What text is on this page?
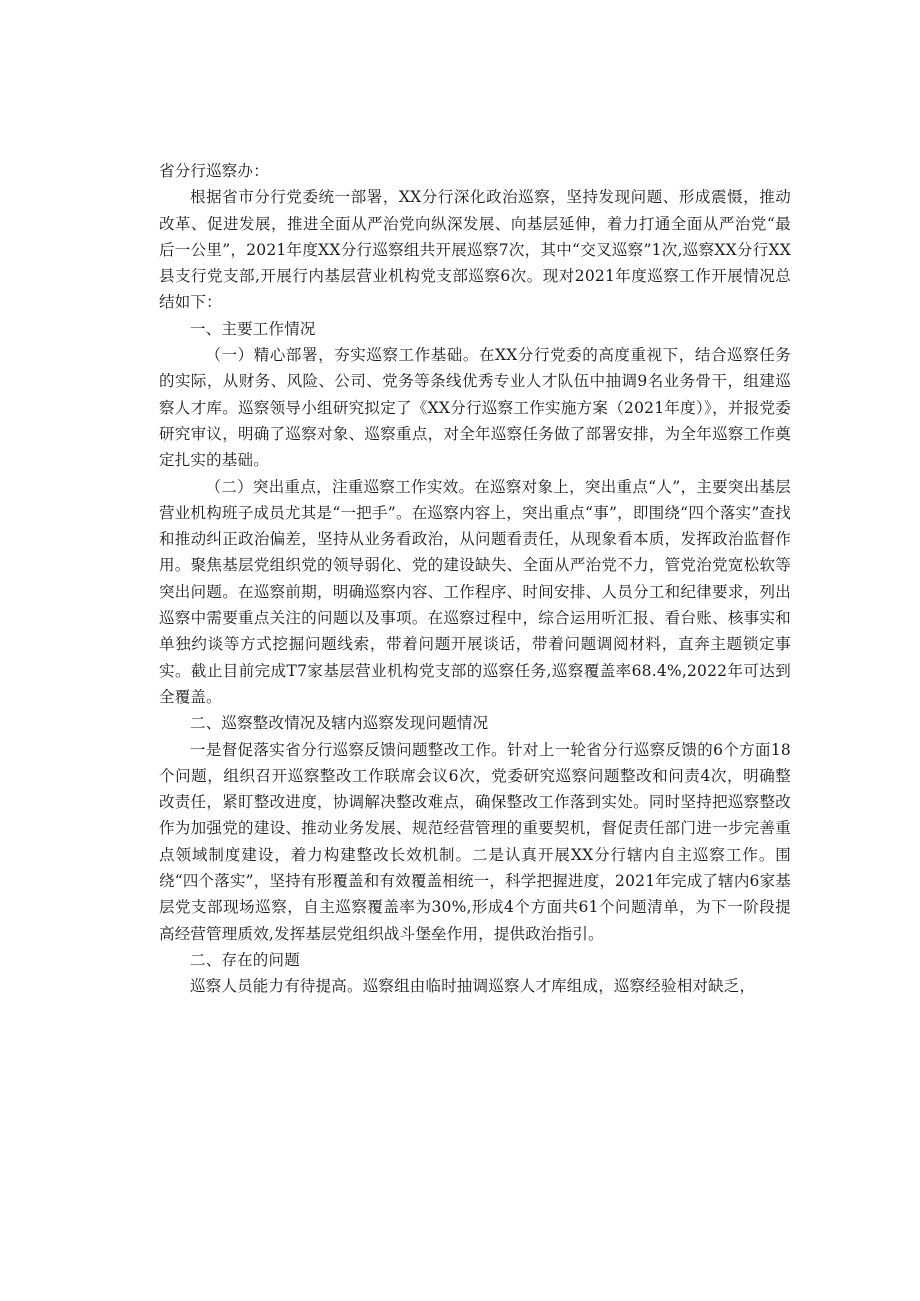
省分行巡察办：

根据省市分行党委统一部署，XX分行深化政治巡察，坚持发现问题、形成震慑，推动改革、促进发展，推进全面从严治党向纵深发展、向基层延伸，着力打通全面从严治党“最后一公里”，2021年度XX分行巡察组共开展巡察7次，其中“交叉巡察”1次,巡察XX分行XX县支行党支部,开展行内基层营业机构党支部巡察6次。现对2021年度巡察工作开展情况总结如下：

一、主要工作情况

（一）精心部署，夯实巡察工作基础。在XX分行党委的高度重视下，结合巡察任务的实际，从财务、风险、公司、党务等条线优秀专业人才队伍中抽调9名业务骨干，组建巡察人才库。巡察领导小组研究拟定了《XX分行巡察工作实施方案（2021年度）》，并报党委研究审议，明确了巡察对象、巡察重点，对全年巡察任务做了部署安排，为全年巡察工作奠定扎实的基础。

（二）突出重点，注重巡察工作实效。在巡察对象上，突出重点“人”，主要突出基层营业机构班子成员尤其是“一把手”。在巡察内容上，突出重点“事”，即围绕“四个落实”查找和推动纠正政治偏差，坚持从业务看政治，从问题看责任，从现象看本质，发挥政治监督作用。聚焦基层党组织党的领导弱化、党的建设缺失、全面从严治党不力，管党治党宽松软等突出问题。在巡察前期，明确巡察内容、工作程序、时间安排、人员分工和纪律要求，列出巡察中需要重点关注的问题以及事项。在巡察过程中，综合运用听汇报、看台账、核事实和单独约谈等方式挖掘问题线索，带着问题开展谈话，带着问题调阅材料，直奔主题锁定事实。截止目前完成T7家基层营业机构党支部的巡察任务,巡察覆盖率68.4%,2022年可达到全覆盖。

二、巡察整改情况及辖内巡察发现问题情况

一是督促落实省分行巡察反馈问题整改工作。针对上一轮省分行巡察反馈的6个方面18个问题，组织召开巡察整改工作联席会议6次，党委研究巡察问题整改和问责4次，明确整改责任，紧盯整改进度，协调解决整改难点，确保整改工作落到实处。同时坚持把巡察整改作为加强党的建设、推动业务发展、规范经营管理的重要契机，督促责任部门进一步完善重点领域制度建设，着力构建整改长效机制。二是认真开展XX分行辖内自主巡察工作。围绕“四个落实”，坚持有形覆盖和有效覆盖相统一，科学把握进度，2021年完成了辖内6家基层党支部现场巡察，自主巡察覆盖率为30%,形成4个方面共61个问题清单，为下一阶段提高经营管理质效,发挥基层党组织战斗堡垒作用，提供政治指引。

二、存在的问题

巡察人员能力有待提高。巡察组由临时抽调巡察人才库组成，巡察经验相对缺乏，
